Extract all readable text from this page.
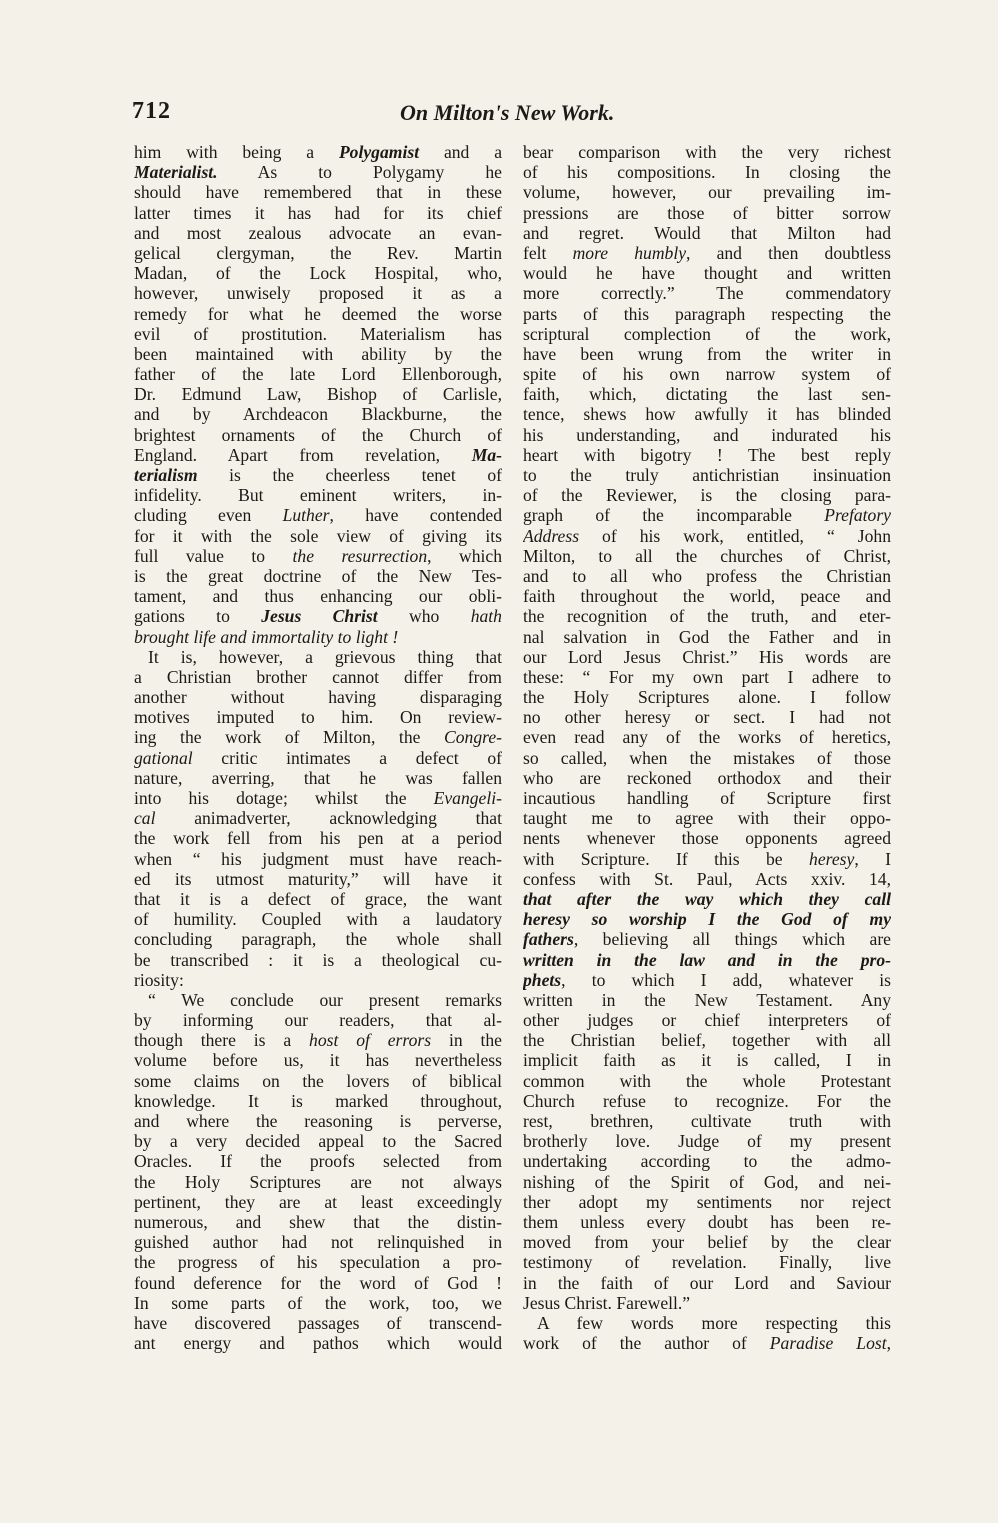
712	On Milton's New Work.
him with being a Polygamist and a
Materialist. As to Polygamy he
should have remembered that in these
latter times it has had for its chief
and most zealous advocate an evan-
gelical clergyman, the Rev. Martin
Madan, of the Lock Hospital, who,
however, unwisely proposed it as a
remedy for what he deemed the worse
evil of prostitution. Materialism has
been maintained with ability by the
father of the late Lord Ellenborough,
Dr. Edmund Law, Bishop of Carlisle,
and by Archdeacon Blackburne, the
brightest ornaments of the Church of
England. Apart from revelation, Ma-
terialism is the cheerless tenet of
infidelity. But eminent writers, in-
cluding even Luther, have contended
for it with the sole view of giving its
full value to the resurrection, which
is the great doctrine of the New Tes-
tament, and thus enhancing our obli-
gations to Jesus Christ who hath
brought life and immortality to light !
It is, however, a grievous thing that
a Christian brother cannot differ from
another without having disparaging
motives imputed to him. On review-
ing the work of Milton, the Congre-
gational critic intimates a defect of
nature, averring, that he was fallen
into his dotage; whilst the Evangeli-
cal animadverter, acknowledging that
the work fell from his pen at a period
when “ his judgment must have reach-
ed its utmost maturity,” will have it
that it is a defect of grace, the want
of humility. Coupled with a laudatory
concluding paragraph, the whole shall
be transcribed : it is a theological cu-
riosity:
“ We conclude our present remarks
by informing our readers, that al-
though there is a host of errors in the
volume before us, it has nevertheless
some claims on the lovers of biblical
knowledge. It is marked throughout,
and where the reasoning is perverse,
by a very decided appeal to the Sacred
Oracles. If the proofs selected from
the Holy Scriptures are not always
pertinent, they are at least exceedingly
numerous, and shew that the distin-
guished author had not relinquished in
the progress of his speculation a pro-
found deference for the word of God !
In some parts of the work, too, we
have discovered passages of transcend-
ant energy and pathos which would
bear comparison with the very richest
of his compositions. In closing the
volume, however, our prevailing im-
pressions are those of bitter sorrow
and regret. Would that Milton had
felt more humbly, and then doubtless
would he have thought and written
more correctly.” The commendatory
parts of this paragraph respecting the
scriptural complection of the work,
have been wrung from the writer in
spite of his own narrow system of
faith, which, dictating the last sen-
tence, shews how awfully it has blinded
his understanding, and indurated his
heart with bigotry ! The best reply
to the truly antichristian insinuation
of the Reviewer, is the closing para-
graph of the incomparable Prefatory
Address of his work, entitled, “ John
Milton, to all the churches of Christ,
and to all who profess the Christian
faith throughout the world, peace and
the recognition of the truth, and eter-
nal salvation in God the Father and in
our Lord Jesus Christ.” His words are
these: “ For my own part I adhere to
the Holy Scriptures alone. I follow
no other heresy or sect. I had not
even read any of the works of heretics,
so called, when the mistakes of those
who are reckoned orthodox and their
incautious handling of Scripture first
taught me to agree with their oppo-
nents whenever those opponents agreed
with Scripture. If this be heresy, I
confess with St. Paul, Acts xxiv. 14,
that after the way which they call
heresy so worship I the God of my
fathers, believing all things which are
written in the law and in the pro-
phets, to which I add, whatever is
written in the New Testament. Any
other judges or chief interpreters of
the Christian belief, together with all
implicit faith as it is called, I in
common with the whole Protestant
Church refuse to recognize. For the
rest, brethren, cultivate truth with
brotherly love. Judge of my present
undertaking according to the admo-
nishing of the Spirit of God, and nei-
ther adopt my sentiments nor reject
them unless every doubt has been re-
moved from your belief by the clear
testimony of revelation. Finally, live
in the faith of our Lord and Saviour
Jesus Christ. Farewell.”
A few words more respecting this
work of the author of Paradise Lost,
